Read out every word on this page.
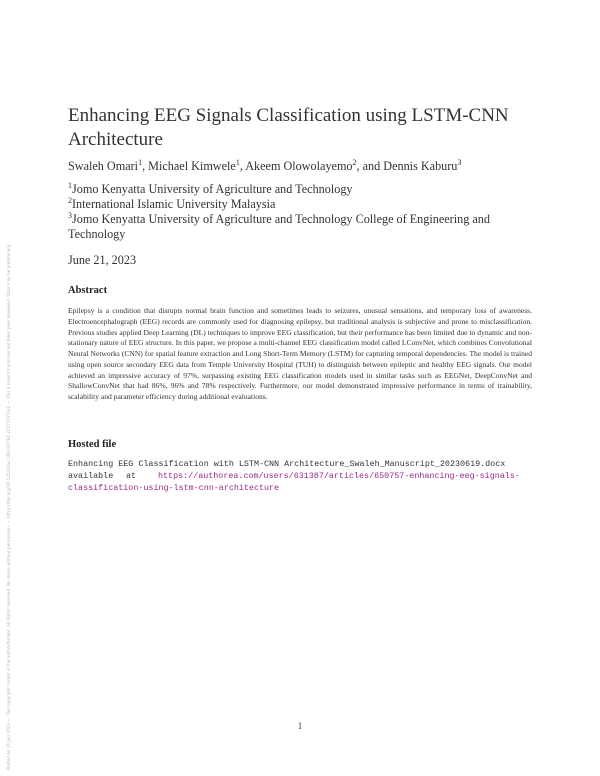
Posted on 21 Jun 2023 — The copyright holder is the author/funder. All rights reserved. No reuse without permission. — https://doi.org/10.22541/au.168737792.22271577/v1 — This a preprint and has not been peer reviewed. Data may be preliminary.
Enhancing EEG Signals Classification using LSTM-CNN Architecture
Swaleh Omari$^1$, Michael Kimwele$^1$, Akeem Olowolayemo$^2$, and Dennis Kaburu$^3$
$^1$Jomo Kenyatta University of Agriculture and Technology
$^2$International Islamic University Malaysia
$^3$Jomo Kenyatta University of Agriculture and Technology College of Engineering and Technology
June 21, 2023
Abstract
Epilepsy is a condition that disrupts normal brain function and sometimes leads to seizures, unusual sensations, and temporary loss of awareness. Electroencephalograph (EEG) records are commonly used for diagnosing epilepsy, but traditional analysis is subjective and prone to misclassification. Previous studies applied Deep Learning (DL) techniques to improve EEG classification, but their performance has been limited due to dynamic and non-stationary nature of EEG structure. In this paper, we propose a multi-channel EEG classification model called LConvNet, which combines Convolutional Neural Networks (CNN) for spatial feature extraction and Long Short-Term Memory (LSTM) for capturing temporal dependencies. The model is trained using open source secondary EEG data from Temple University Hospital (TUH) to distinguish between epileptic and healthy EEG signals. Our model achieved an impressive accuracy of 97%, surpassing existing EEG classification models used in similar tasks such as EEGNet, DeepConvNet and ShallowConvNet that had 86%, 96% and 78% respectively. Furthermore, our model demonstrated impressive performance in terms of trainability, scalability and parameter efficiency during additional evaluations.
Hosted file
Enhancing EEG Classification with LSTM-CNN Architecture_Swaleh_Manuscript_20230619.docx
available	at	https://authorea.com/users/631387/articles/650757-enhancing-eeg-signals-
classification-using-lstm-cnn-architecture
1
